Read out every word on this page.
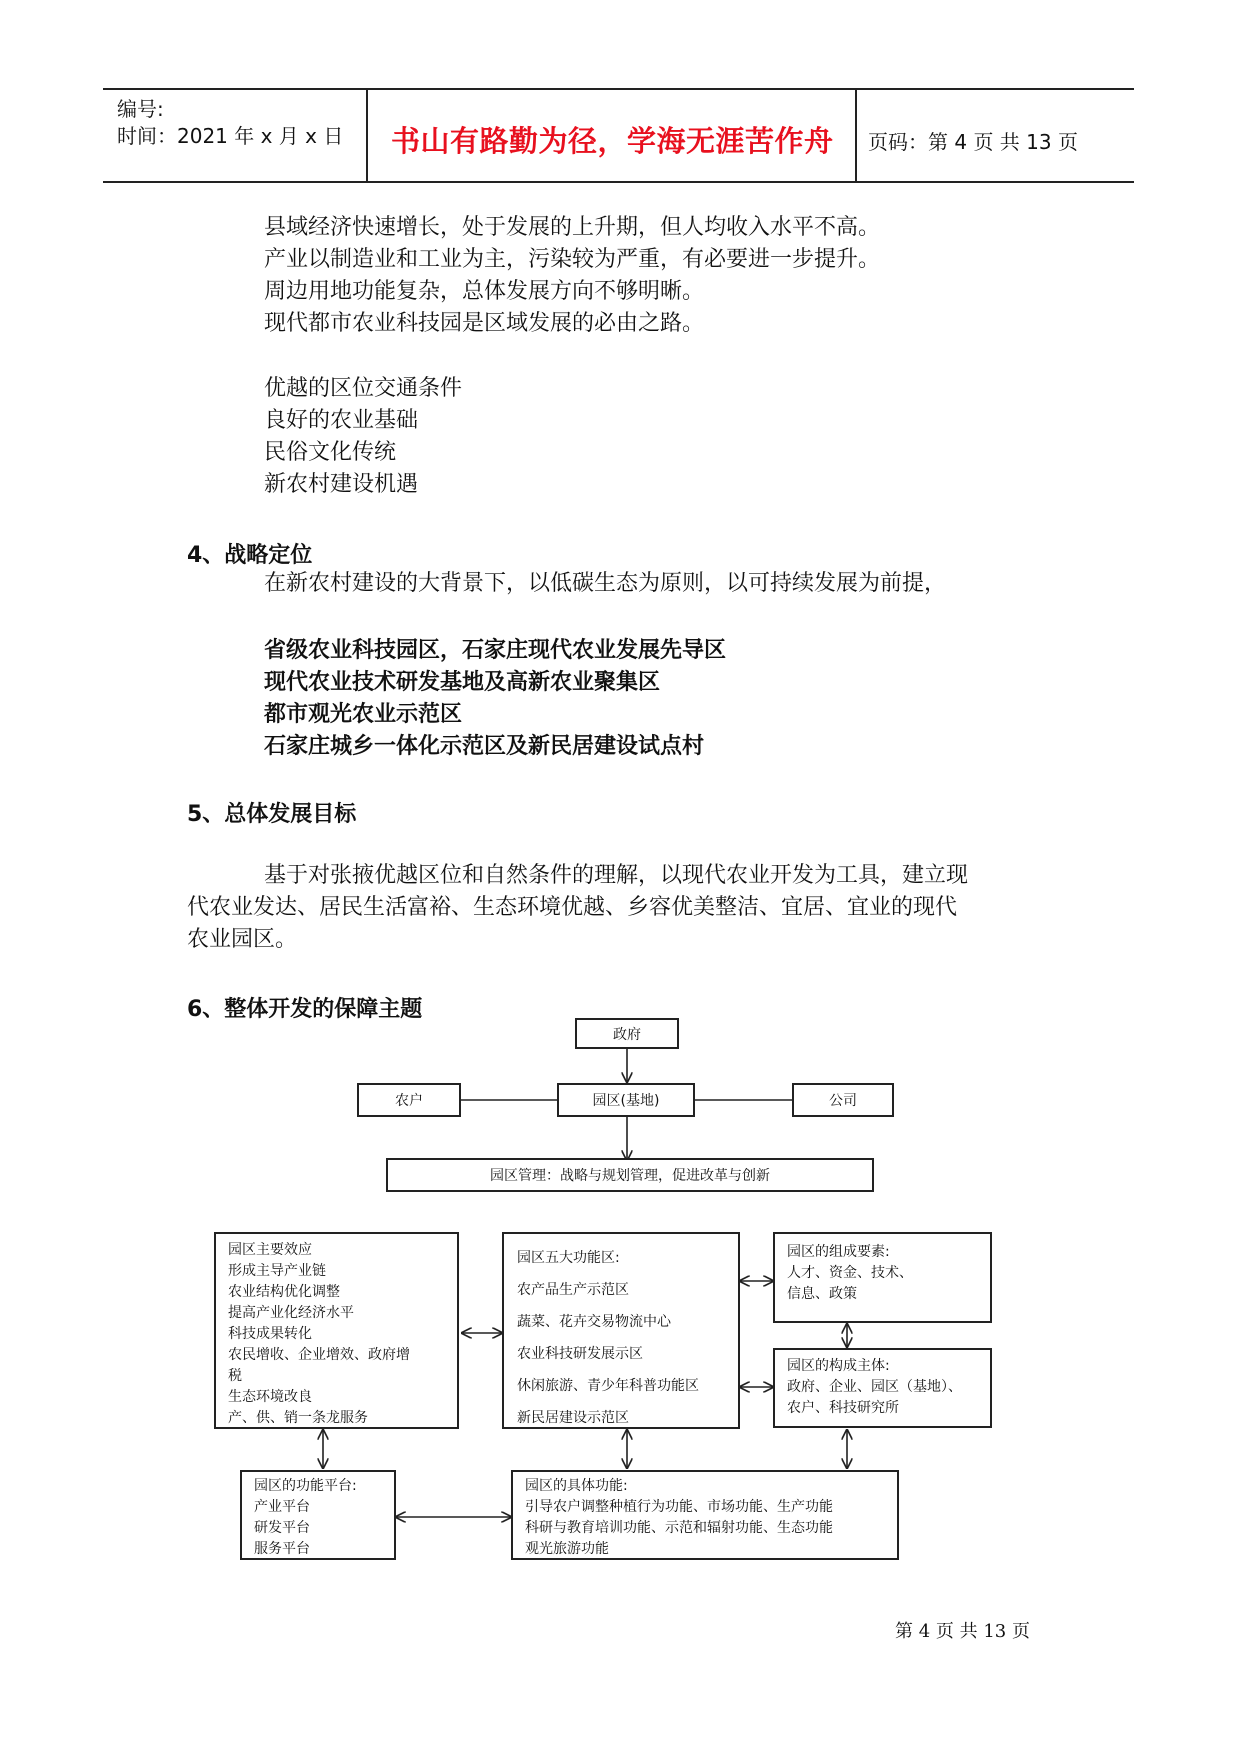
编号:
时间：2021 年 x 月 x 日 书山有路勤为径，学海无涯苦作舟 页码：第 4 页 共 13 页
县域经济快速增长，处于发展的上升期，但人均收入水平不高。
产业以制造业和工业为主，污染较为严重，有必要进一步提升。
周边用地功能复杂，总体发展方向不够明晰。
现代都市农业科技园是区域发展的必由之路。
优越的区位交通条件
良好的农业基础
民俗文化传统
新农村建设机遇
4、战略定位
在新农村建设的大背景下，以低碳生态为原则，以可持续发展为前提，
省级农业科技园区，石家庄现代农业发展先导区
现代农业技术研发基地及高新农业聚集区
都市观光农业示范区
石家庄城乡一体化示范区及新民居建设试点村
5、总体发展目标
基于对张掖优越区位和自然条件的理解，以现代农业开发为工具，建立现
代农业发达、居民生活富裕、生态环境优越、乡容优美整洁、宜居、宜业的现代
农业园区。
6、整体开发的保障主题
政府
农户	园区(基地)	公司
园区管理：战略与规划管理，促进改革与创新
园区主要效应
形成主导产业链
农业结构优化调整
提高产业化经济水平
科技成果转化
农民增收、企业增效、政府增
税
生态环境改良
产、供、销一条龙服务
园区五大功能区:
农产品生产示范区
蔬菜、花卉交易物流中心
农业科技研发展示区
休闲旅游、青少年科普功能区
新民居建设示范区
园区的组成要素:
人才、资金、技术、
信息、政策
园区的构成主体:
政府、企业、园区（基地）、
农户、科技研究所
园区的功能平台:
产业平台
研发平台
服务平台
园区的具体功能:
引导农户调整种植行为功能、市场功能、生产功能
科研与教育培训功能、示范和辐射功能、生态功能
观光旅游功能
第 4 页 共 13 页
